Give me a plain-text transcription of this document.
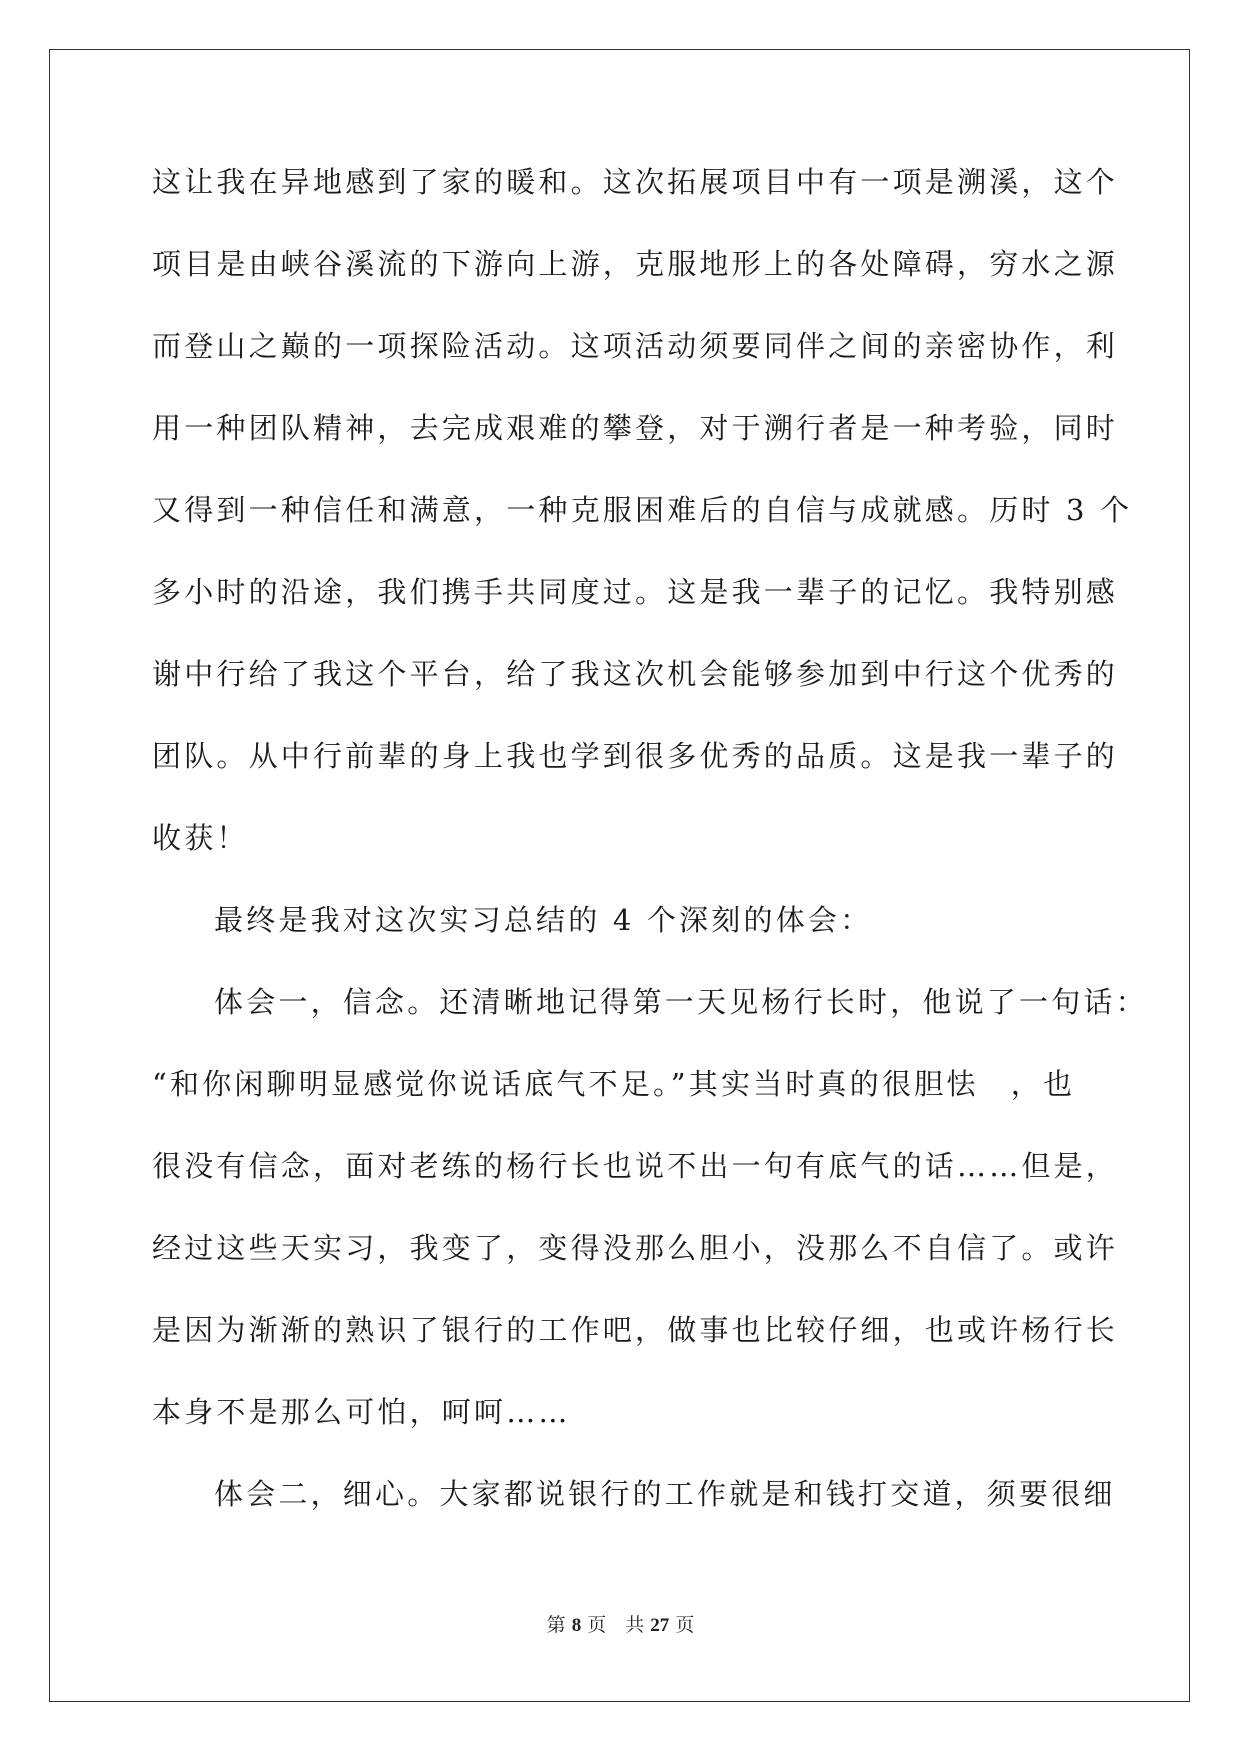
这让我在异地感到了家的暖和。这次拓展项目中有一项是溯溪，这个
项目是由峡谷溪流的下游向上游，克服地形上的各处障碍，穷水之源
而登山之巅的一项探险活动。这项活动须要同伴之间的亲密协作，利
用一种团队精神，去完成艰难的攀登，对于溯行者是一种考验，同时
又得到一种信任和满意，一种克服困难后的自信与成就感。历时 3 个
多小时的沿途，我们携手共同度过。这是我一辈子的记忆。我特别感
谢中行给了我这个平台，给了我这次机会能够参加到中行这个优秀的
团队。从中行前辈的身上我也学到很多优秀的品质。这是我一辈子的
收获！
最终是我对这次实习总结的 4 个深刻的体会：
体会一，信念。还清晰地记得第一天见杨行长时，他说了一句话：
“和你闲聊明显感觉你说话底气不足。”其实当时真的很胆怯　，也
很没有信念，面对老练的杨行长也说不出一句有底气的话……但是，
经过这些天实习，我变了，变得没那么胆小，没那么不自信了。或许
是因为渐渐的熟识了银行的工作吧，做事也比较仔细，也或许杨行长
本身不是那么可怕，呵呵……
体会二，细心。大家都说银行的工作就是和钱打交道，须要很细
第 8 页　共 27 页
